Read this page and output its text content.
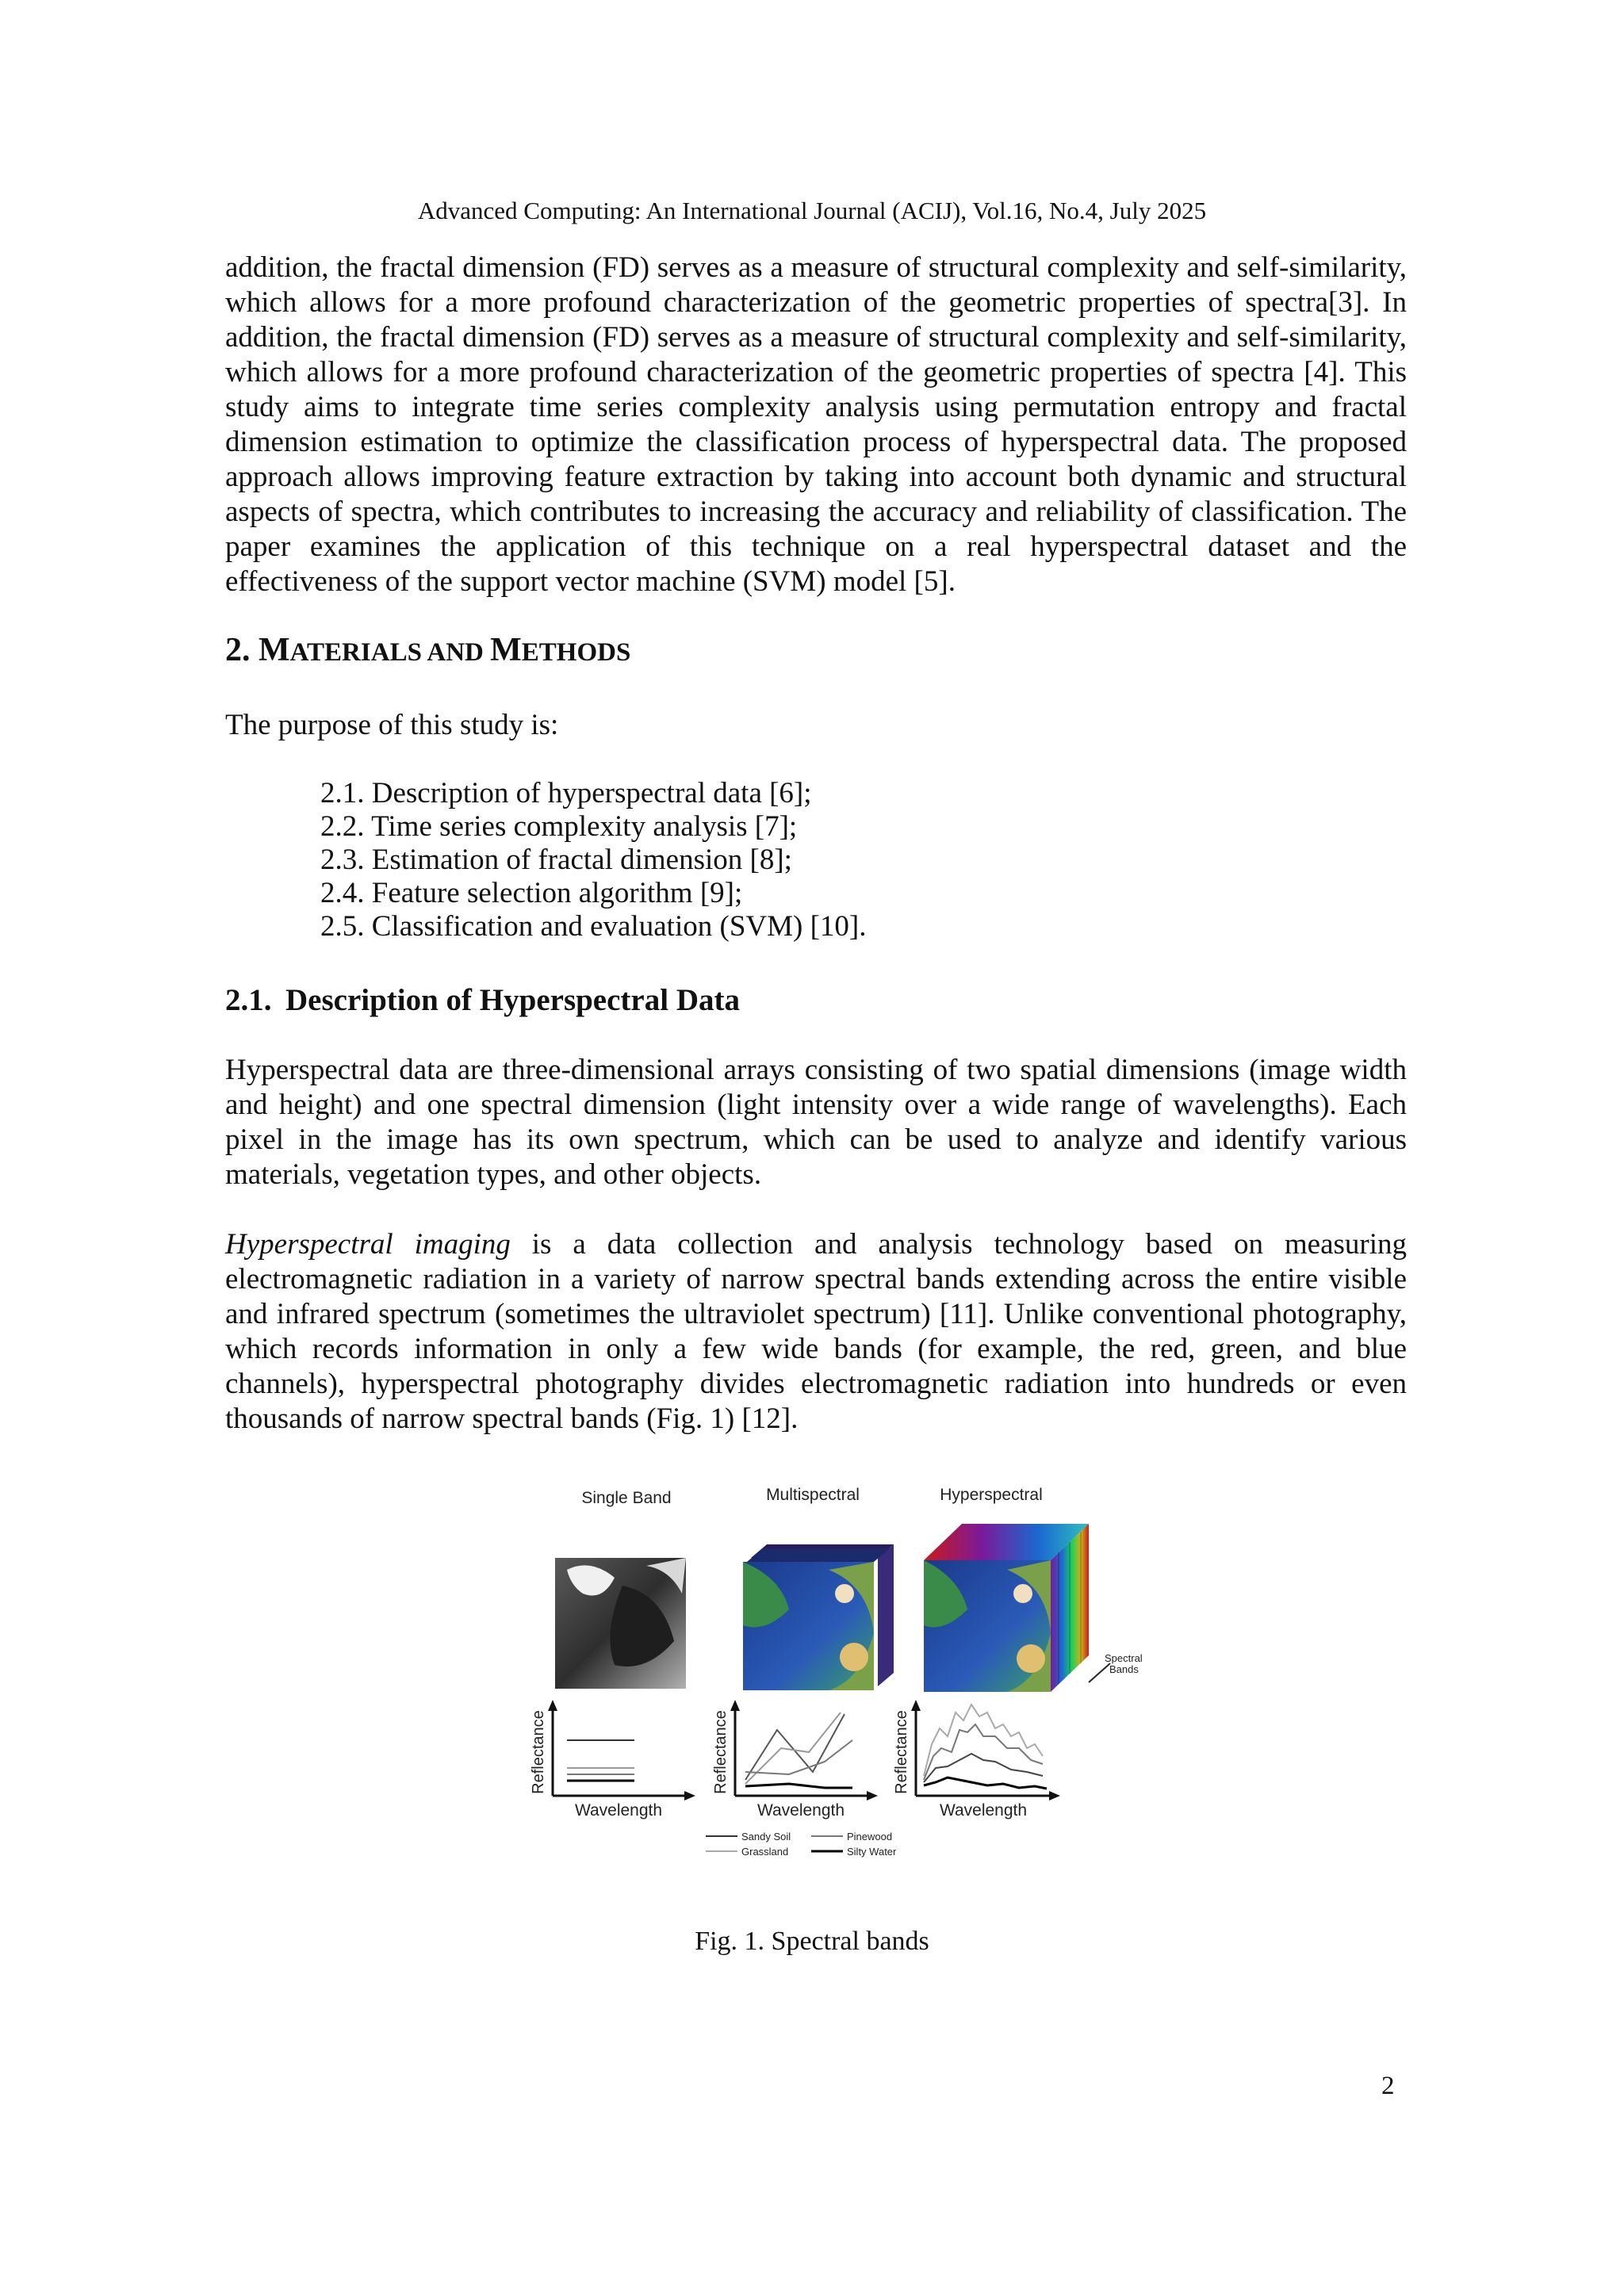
Advanced Computing: An International Journal (ACIJ), Vol.16, No.4, July 2025
addition, the fractal dimension (FD) serves as a measure of structural complexity and self-similarity, which allows for a more profound characterization of the geometric properties of spectra[3]. In addition, the fractal dimension (FD) serves as a measure of structural complexity and self-similarity, which allows for a more profound characterization of the geometric properties of spectra [4]. This study aims to integrate time series complexity analysis using permutation entropy and fractal dimension estimation to optimize the classification process of hyperspectral data. The proposed approach allows improving feature extraction by taking into account both dynamic and structural aspects of spectra, which contributes to increasing the accuracy and reliability of classification. The paper examines the application of this technique on a real hyperspectral dataset and the effectiveness of the support vector machine (SVM) model [5].
2. MATERIALS AND METHODS
The purpose of this study is:
2.1. Description of hyperspectral data [6];
2.2. Time series complexity analysis [7];
2.3. Estimation of fractal dimension [8];
2.4. Feature selection algorithm [9];
2.5. Classification and evaluation (SVM) [10].
2.1. Description of Hyperspectral Data
Hyperspectral data are three-dimensional arrays consisting of two spatial dimensions (image width and height) and one spectral dimension (light intensity over a wide range of wavelengths). Each pixel in the image has its own spectrum, which can be used to analyze and identify various materials, vegetation types, and other objects.
Hyperspectral imaging is a data collection and analysis technology based on measuring electromagnetic radiation in a variety of narrow spectral bands extending across the entire visible and infrared spectrum (sometimes the ultraviolet spectrum) [11]. Unlike conventional photography, which records information in only a few wide bands (for example, the red, green, and blue channels), hyperspectral photography divides electromagnetic radiation into hundreds or even thousands of narrow spectral bands (Fig. 1) [12].
Single Band	Multispectral	Hyperspectral
Spectral
Bands
Reflectance
Wavelength
Reflectance
Wavelength
Reflectance
Wavelength
Sandy Soil	Pinewood
Grassland	Silty Water
Fig. 1. Spectral bands
2
